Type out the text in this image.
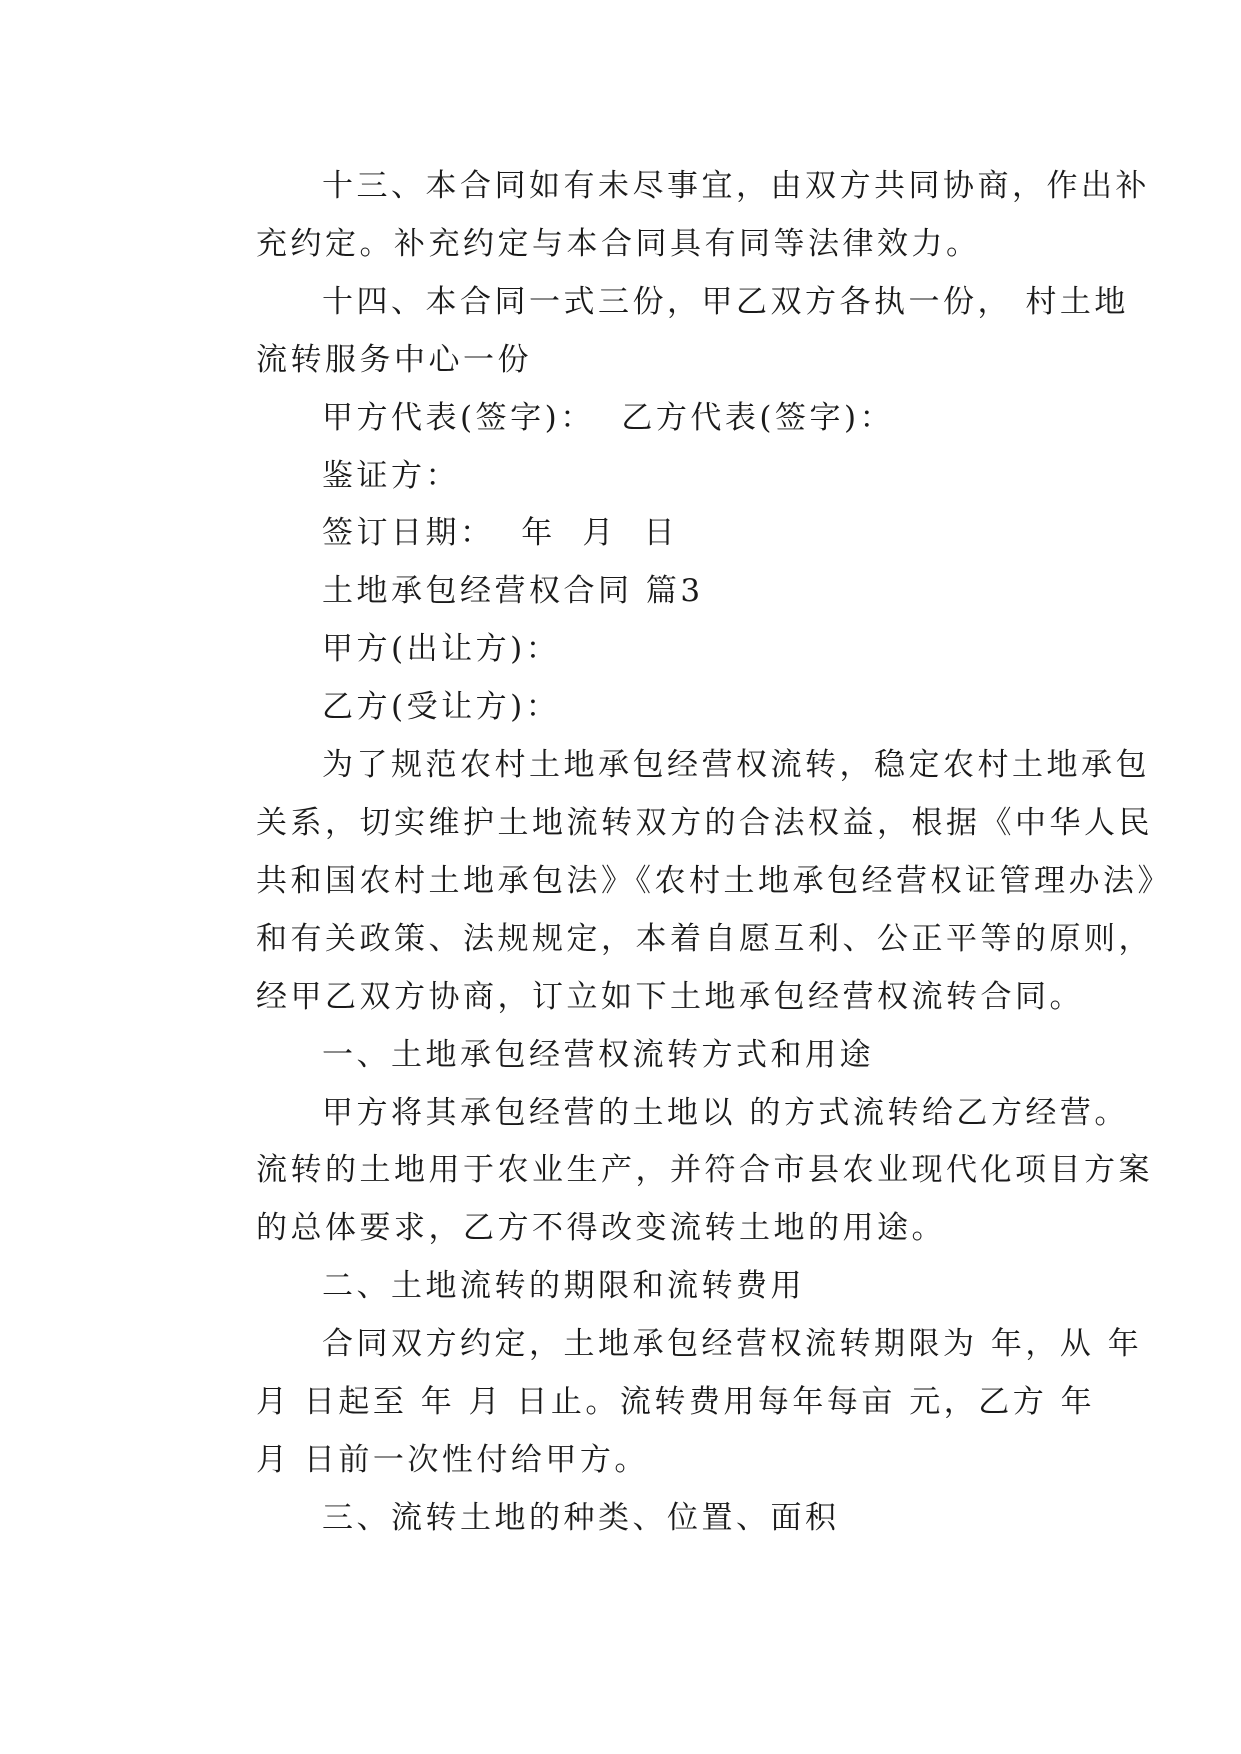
十三、本合同如有未尽事宜，由双方共同协商，作出补
充约定。补充约定与本合同具有同等法律效力。
十四、本合同一式三份，甲乙双方各执一份， 村土地
流转服务中心一份
甲方代表(签字)：  乙方代表(签字)：
鉴证方：
签订日期：  年  月  日
土地承包经营权合同 篇3
甲方(出让方)：
乙方(受让方)：
为了规范农村土地承包经营权流转，稳定农村土地承包
关系，切实维护土地流转双方的合法权益，根据《中华人民
共和国农村土地承包法》《农村土地承包经营权证管理办法》
和有关政策、法规规定，本着自愿互利、公正平等的原则，
经甲乙双方协商，订立如下土地承包经营权流转合同。
一、土地承包经营权流转方式和用途
甲方将其承包经营的土地以 的方式流转给乙方经营。
流转的土地用于农业生产，并符合市县农业现代化项目方案
的总体要求，乙方不得改变流转土地的用途。
二、土地流转的期限和流转费用
合同双方约定，土地承包经营权流转期限为 年，从 年
月 日起至 年 月 日止。流转费用每年每亩 元，乙方 年
月 日前一次性付给甲方。
三、流转土地的种类、位置、面积
